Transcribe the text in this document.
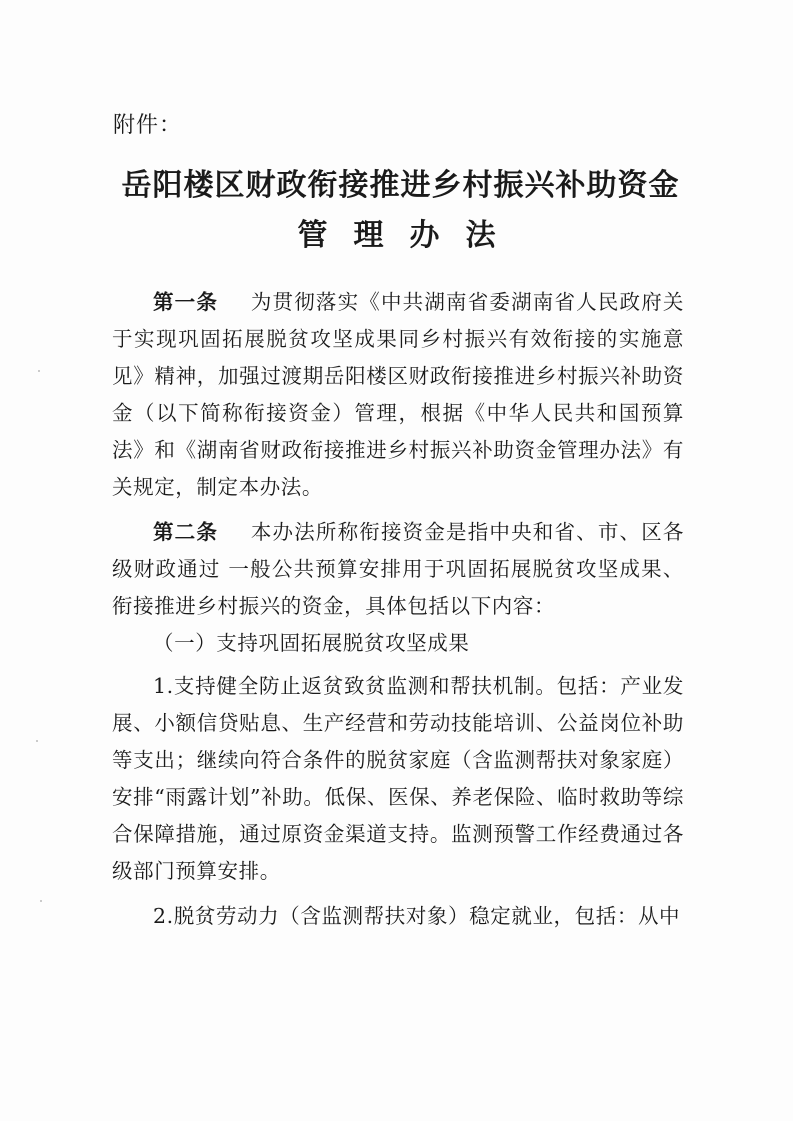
附件：
岳阳楼区财政衔接推进乡村振兴补助资金
管理办法

第一条 为贯彻落实《中共湖南省委湖南省人民政府关于实现巩固拓展脱贫攻坚成果同乡村振兴有效衔接的实施意见》精神，加强过渡期岳阳楼区财政衔接推进乡村振兴补助资金（以下简称衔接资金）管理，根据《中华人民共和国预算法》和《湖南省财政衔接推进乡村振兴补助资金管理办法》有关规定，制定本办法。

第二条 本办法所称衔接资金是指中央和省、市、区各级财政通过 一般公共预算安排用于巩固拓展脱贫攻坚成果、衔接推进乡村振兴的资金，具体包括以下内容：

（一）支持巩固拓展脱贫攻坚成果

1.支持健全防止返贫致贫监测和帮扶机制。包括：产业发展、小额信贷贴息、生产经营和劳动技能培训、公益岗位补助等支出；继续向符合条件的脱贫家庭（含监测帮扶对象家庭）安排“雨露计划”补助。低保、医保、养老保险、临时救助等综合保障措施，通过原资金渠道支持。监测预警工作经费通过各级部门预算安排。

2.脱贫劳动力（含监测帮扶对象）稳定就业，包括：从中
